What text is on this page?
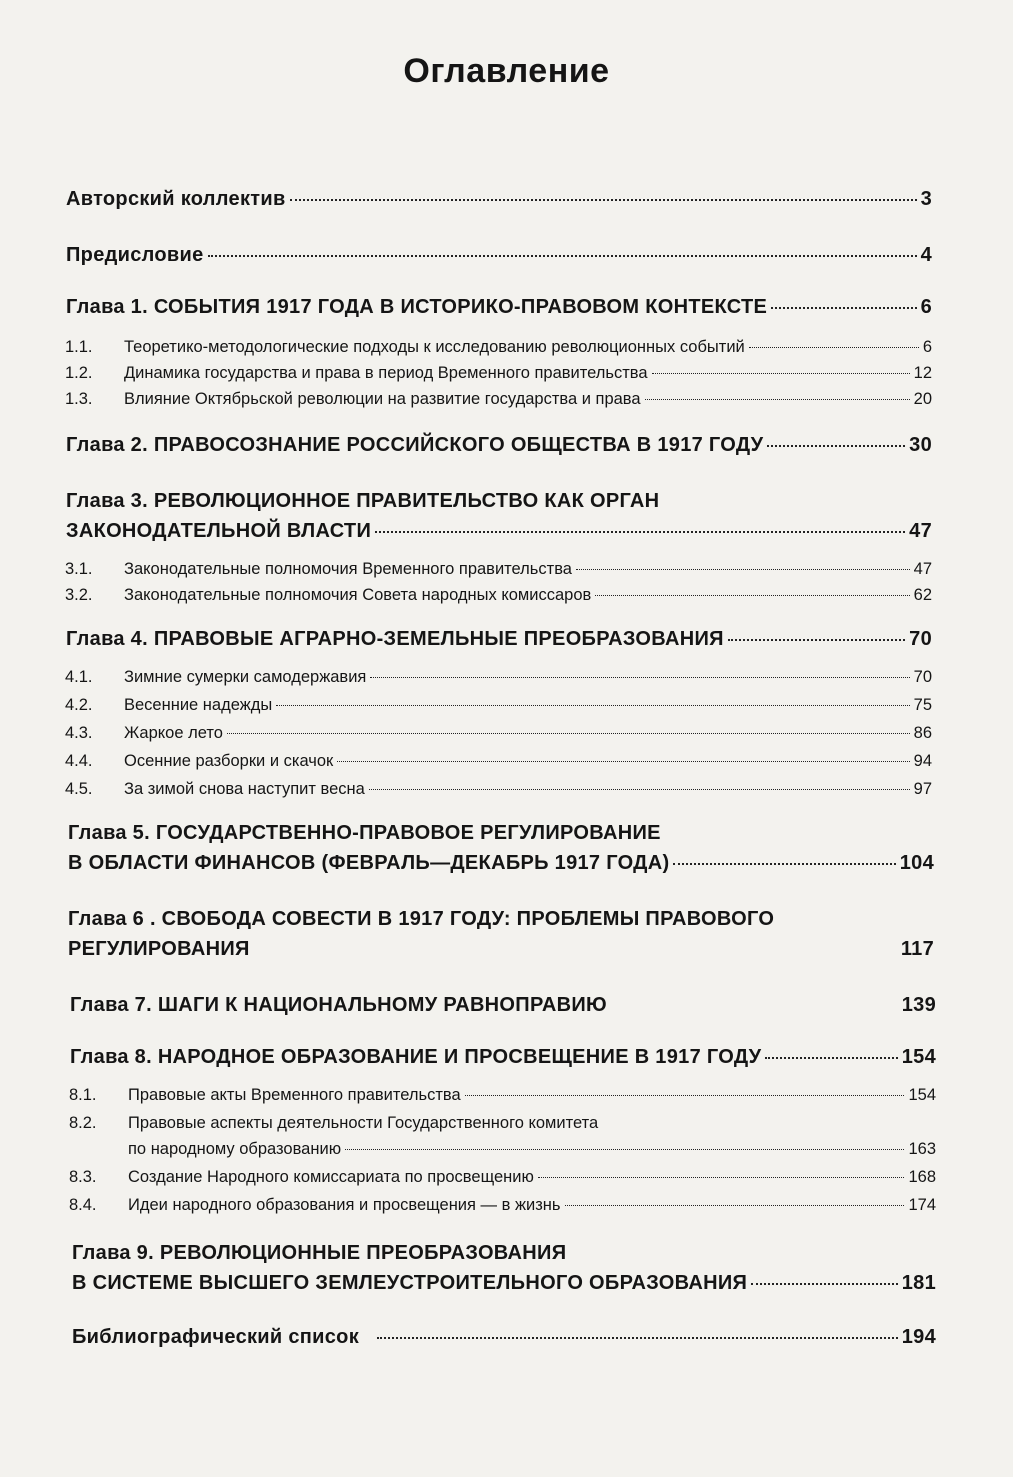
Оглавление
Авторский коллектив	3
Предисловие	4
Глава 1. СОБЫТИЯ 1917 ГОДА В ИСТОРИКО-ПРАВОВОМ КОНТЕКСТЕ	6
1.1. Теоретико-методологические подходы к исследованию революционных событий	6
1.2. Динамика государства и права в период Временного правительства	12
1.3. Влияние Октябрьской революции на развитие государства и права	20
Глава 2. ПРАВОСОЗНАНИЕ РОССИЙСКОГО ОБЩЕСТВА В 1917 ГОДУ	30
Глава 3. РЕВОЛЮЦИОННОЕ ПРАВИТЕЛЬСТВО КАК ОРГАН
ЗАКОНОДАТЕЛЬНОЙ ВЛАСТИ	47
3.1. Законодательные полномочия Временного правительства	47
3.2. Законодательные полномочия Совета народных комиссаров	62
Глава 4. ПРАВОВЫЕ АГРАРНО-ЗЕМЕЛЬНЫЕ ПРЕОБРАЗОВАНИЯ	70
4.1. Зимние сумерки самодержавия	70
4.2. Весенние надежды	75
4.3. Жаркое лето	86
4.4. Осенние разборки и скачок	94
4.5. За зимой снова наступит весна	97
Глава 5. ГОСУДАРСТВЕННО-ПРАВОВОЕ РЕГУЛИРОВАНИЕ
В ОБЛАСТИ ФИНАНСОВ (ФЕВРАЛЬ—ДЕКАБРЬ 1917 ГОДА)	104
Глава 6 . СВОБОДА СОВЕСТИ В 1917 ГОДУ: ПРОБЛЕМЫ ПРАВОВОГО
РЕГУЛИРОВАНИЯ	117
Глава 7. ШАГИ К НАЦИОНАЛЬНОМУ РАВНОПРАВИЮ	139
Глава 8. НАРОДНОЕ ОБРАЗОВАНИЕ И ПРОСВЕЩЕНИЕ В 1917 ГОДУ	154
8.1. Правовые акты Временного правительства	154
8.2. Правовые аспекты деятельности Государственного комитета
по народному образованию	163
8.3. Создание Народного комиссариата по просвещению	168
8.4. Идеи народного образования и просвещения — в жизнь	174
Глава 9. РЕВОЛЮЦИОННЫЕ ПРЕОБРАЗОВАНИЯ
В СИСТЕМЕ ВЫСШЕГО ЗЕМЛЕУСТРОИТЕЛЬНОГО ОБРАЗОВАНИЯ	181
Библиографический список	194
